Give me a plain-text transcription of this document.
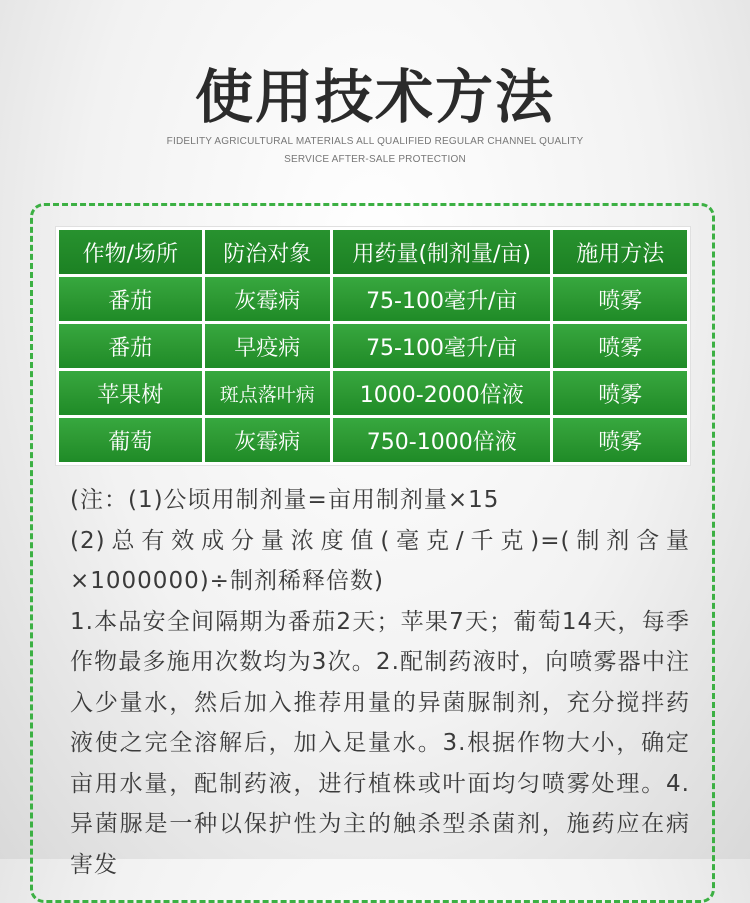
使用技术方法
FIDELITY AGRICULTURAL MATERIALS ALL QUALIFIED REGULAR CHANNEL QUALITY
SERVICE AFTER-SALE PROTECTION
作物/场所	防治对象	用药量(制剂量/亩)	施用方法
番茄	灰霉病	75-100毫升/亩	喷雾
番茄	早疫病	75-100毫升/亩	喷雾
苹果树	斑点落叶病	1000-2000倍液	喷雾
葡萄	灰霉病	750-1000倍液	喷雾

(注：(1)公顷用制剂量=亩用制剂量×15

(2)总有效成分量浓度值(毫克/千克)=(制剂含量×1000000)÷制剂稀释倍数)

1.本品安全间隔期为番茄2天；苹果7天；葡萄14天，每季作物最多施用次数均为3次。2.配制药液时，向喷雾器中注入少量水，然后加入推荐用量的异菌脲制剂，充分搅拌药液使之完全溶解后，加入足量水。3.根据作物大小，确定亩用水量，配制药液，进行植株或叶面均匀喷雾处理。4.异菌脲是一种以保护性为主的触杀型杀菌剂，施药应在病害发
